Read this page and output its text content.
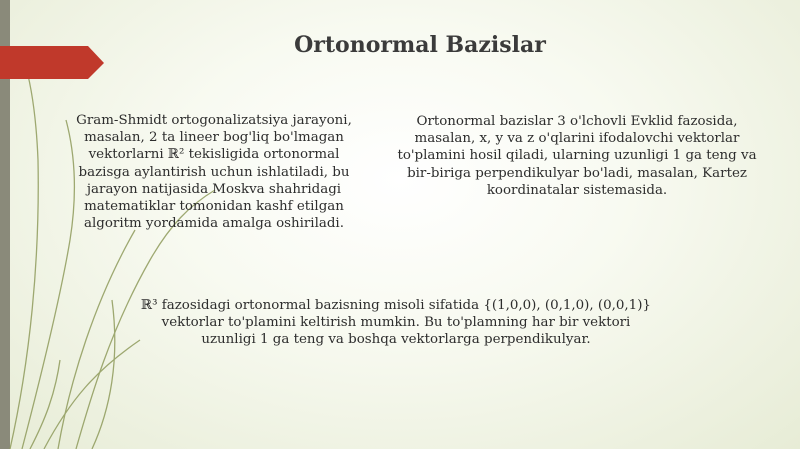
Ortonormal Bazislar

Gram-Shmidt ortogonalizatsiya jarayoni, masalan, 2 ta lineer bog'liq bo'lmagan vektorlarni ℝ² tekisligida ortonormal bazisga aylantirish uchun ishlatiladi, bu jarayon natijasida Moskva shahridagi matematiklar tomonidan kashf etilgan algoritm yordamida amalga oshiriladi.

Ortonormal bazislar 3 o'lchovli Evklid fazosida, masalan, x, y va z o'qlarini ifodalovchi vektorlar to'plamini hosil qiladi, ularning uzunligi 1 ga teng va bir-biriga perpendikulyar bo'ladi, masalan, Kartez koordinatalar sistemasida.

ℝ³ fazosidagi ortonormal bazisning misoli sifatida {(1,0,0), (0,1,0), (0,0,1)} vektorlar to'plamini keltirish mumkin. Bu to'plamning har bir vektori uzunligi 1 ga teng va boshqa vektorlarga perpendikulyar.
